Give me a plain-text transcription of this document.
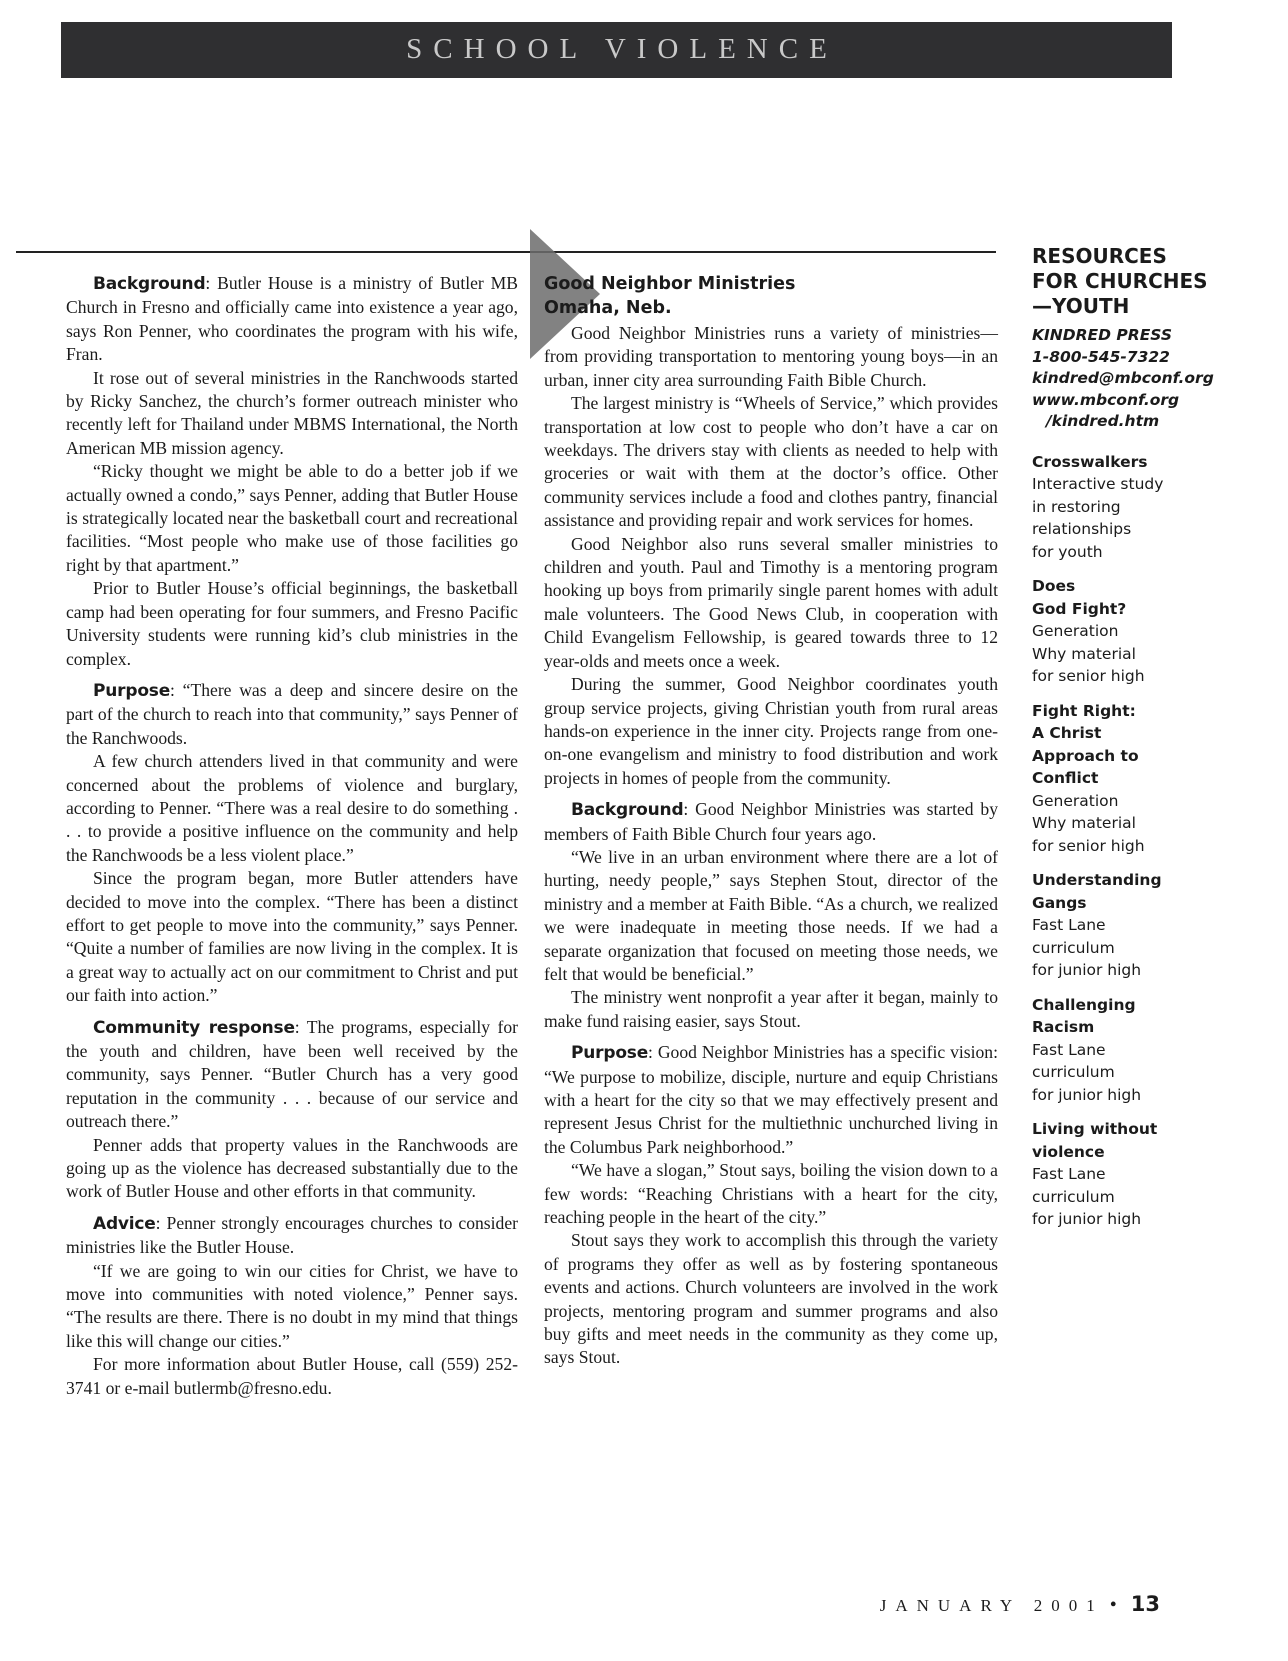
SCHOOL VIOLENCE

Background: Butler House is a ministry of Butler MB Church in Fresno and officially came into existence a year ago, says Ron Penner, who coordinates the program with his wife, Fran.

It rose out of several ministries in the Ranchwoods started by Ricky Sanchez, the church’s former outreach minister who recently left for Thailand under MBMS International, the North American MB mission agency.

“Ricky thought we might be able to do a better job if we actually owned a condo,” says Penner, adding that Butler House is strategically located near the basketball court and recreational facilities. “Most people who make use of those facilities go right by that apartment.”

Prior to Butler House’s official beginnings, the basketball camp had been operating for four summers, and Fresno Pacific University students were running kid’s club ministries in the complex.

Purpose: “There was a deep and sincere desire on the part of the church to reach into that community,” says Penner of the Ranchwoods.

A few church attenders lived in that community and were concerned about the problems of violence and burglary, according to Penner. “There was a real desire to do something . . . to provide a positive influence on the community and help the Ranchwoods be a less violent place.”

Since the program began, more Butler attenders have decided to move into the complex. “There has been a distinct effort to get people to move into the community,” says Penner. “Quite a number of families are now living in the complex. It is a great way to actually act on our commitment to Christ and put our faith into action.”

Community response: The programs, especially for the youth and children, have been well received by the community, says Penner. “Butler Church has a very good reputation in the community . . . because of our service and outreach there.”

Penner adds that property values in the Ranchwoods are going up as the violence has decreased substantially due to the work of Butler House and other efforts in that community.

Advice: Penner strongly encourages churches to consider ministries like the Butler House.

“If we are going to win our cities for Christ, we have to move into communities with noted violence,” Penner says. “The results are there. There is no doubt in my mind that things like this will change our cities.”

For more information about Butler House, call (559) 252-3741 or e-mail butlermb@fresno.edu.

Good Neighbor Ministries
Omaha, Neb.

Good Neighbor Ministries runs a variety of ministries—from providing transportation to mentoring young boys—in an urban, inner city area surrounding Faith Bible Church.

The largest ministry is “Wheels of Service,” which provides transportation at low cost to people who don’t have a car on weekdays. The drivers stay with clients as needed to help with groceries or wait with them at the doctor’s office. Other community services include a food and clothes pantry, financial assistance and providing repair and work services for homes.

Good Neighbor also runs several smaller ministries to children and youth. Paul and Timothy is a mentoring program hooking up boys from primarily single parent homes with adult male volunteers. The Good News Club, in cooperation with Child Evangelism Fellowship, is geared towards three to 12 year-olds and meets once a week.

During the summer, Good Neighbor coordinates youth group service projects, giving Christian youth from rural areas hands-on experience in the inner city. Projects range from one-on-one evangelism and ministry to food distribution and work projects in homes of people from the community.

Background: Good Neighbor Ministries was started by members of Faith Bible Church four years ago.

“We live in an urban environment where there are a lot of hurting, needy people,” says Stephen Stout, director of the ministry and a member at Faith Bible. “As a church, we realized we were inadequate in meeting those needs. If we had a separate organization that focused on meeting those needs, we felt that would be beneficial.”

The ministry went nonprofit a year after it began, mainly to make fund raising easier, says Stout.

Purpose: Good Neighbor Ministries has a specific vision: “We purpose to mobilize, disciple, nurture and equip Christians with a heart for the city so that we may effectively present and represent Jesus Christ for the multiethnic unchurched living in the Columbus Park neighborhood.”

“We have a slogan,” Stout says, boiling the vision down to a few words: “Reaching Christians with a heart for the city, reaching people in the heart of the city.”

Stout says they work to accomplish this through the variety of programs they offer as well as by fostering spontaneous events and actions. Church volunteers are involved in the work projects, mentoring program and summer programs and also buy gifts and meet needs in the community as they come up, says Stout.

RESOURCES
FOR CHURCHES
—YOUTH
KINDRED PRESS
1-800-545-7322
kindred@mbconf.org
www.mbconf.org
/kindred.htm
Crosswalkers
Interactive study
in restoring
relationships
for youth
Does
God Fight?
Generation
Why material
for senior high
Fight Right:
A Christ
Approach to
Conflict
Generation
Why material
for senior high
Understanding
Gangs
Fast Lane
curriculum
for junior high
Challenging
Racism
Fast Lane
curriculum
for junior high
Living without
violence
Fast Lane
curriculum
for junior high
JANUARY 2001 • 13
